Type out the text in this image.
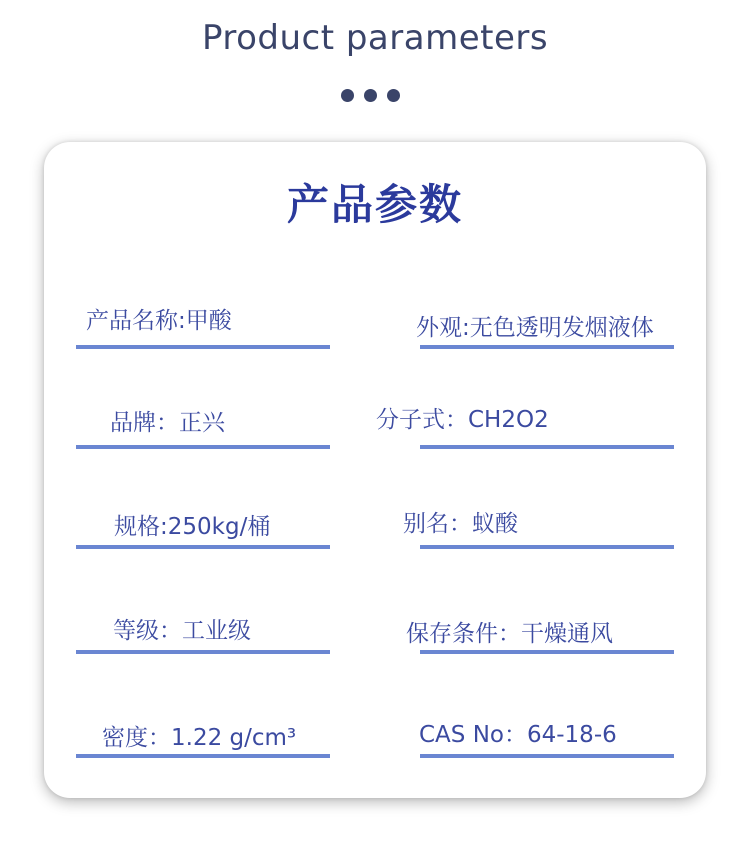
Product parameters
产品参数
产品名称:甲酸	外观:无色透明发烟液体
品牌：正兴	分子式：CH2O2
规格:250kg/桶	别名：蚁酸
等级：工业级	保存条件：干燥通风
密度：1.22 g/cm³	CAS No：64-18-6
